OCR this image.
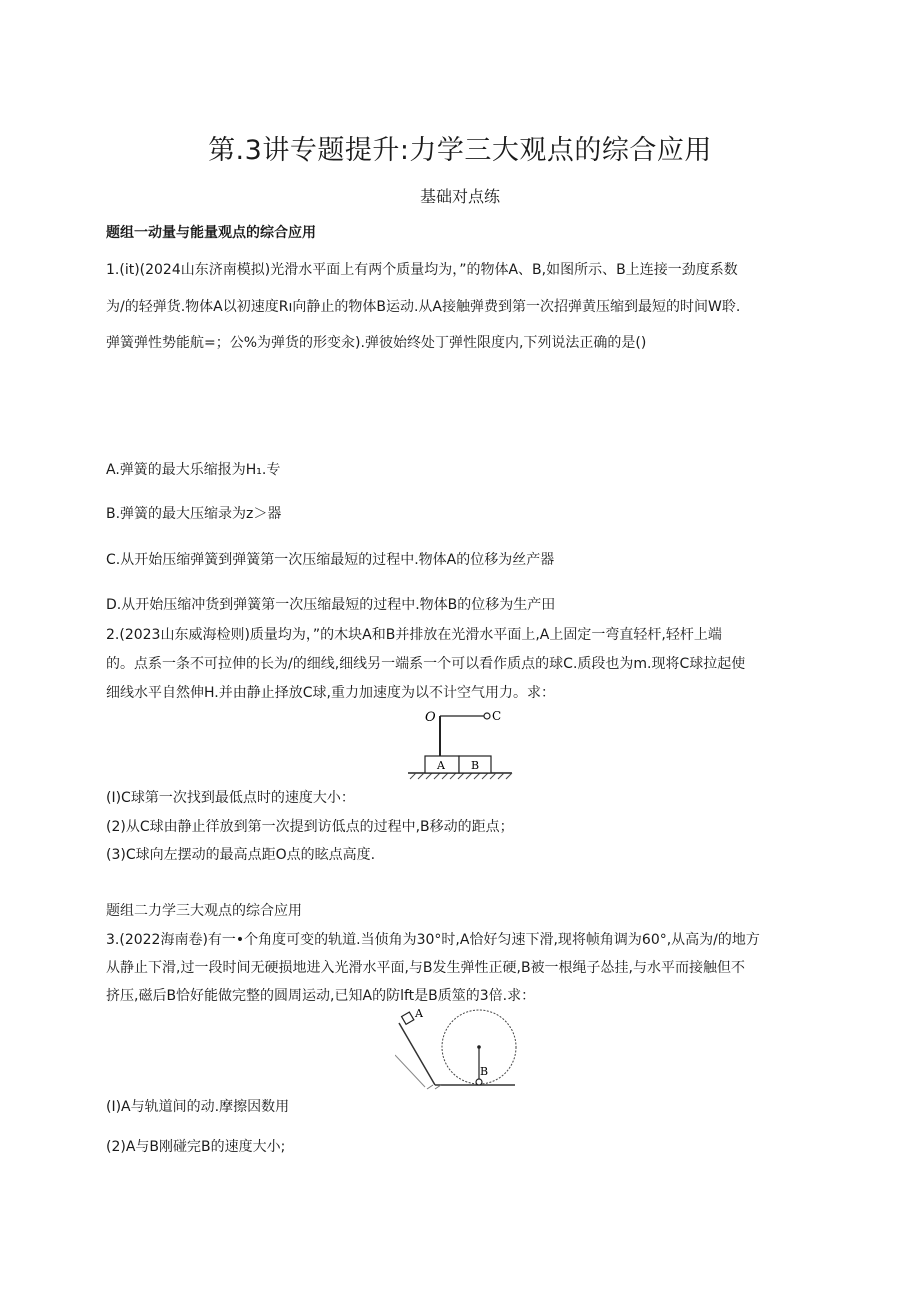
第.3讲专题提升:力学三大观点的综合应用
基础对点练
题组一动量与能量观点的综合应用
1.(it)(2024山东济南模拟)光滑水平面上有两个质量均为，”的物体A、B,如图所示、B上连接一劲度系数
为/的轻弹货.物体A以初速度Rı向静止的物体B运动.从A接触弹费到第一次招弹黄压缩到最短的时间W聆.
弹簧弹性势能航=；公%为弹货的形变汆).弹彼始终处丁弹性限度内,下列说法正确的是()
A.弹簧的最大乐缩报为H₁.专
B.弹簧的最大压缩录为z＞器
C.从开始压缩弹簧到弹簧第一次压缩最短的过程中.物体A的位移为丝产器
D.从开始压缩冲货到弹簧第一次压缩最短的过程中.物体B的位移为生产田
2.(2023山东威海检则)质量均为，”的木块A和B并排放在光滑水平面上,A上固定一弯直轻杆,轻杆上端
的。点系一条不可拉伸的长为/的细线,细线另一端系一个可以看作质点的球C.质段也为m.现将C球拉起使
细线水平自然伸H.并由静止择放C球,重力加速度为以不计空气用力。求：
O	C
A B
(I)C球第一次找到最低点时的速度大小：
(2)从C球由静止徉放到第一次提到访低点的过程中,B移动的距点；
(3)C球向左摆动的最高点距O点的眩点高度.
题组二力学三大观点的综合应用
3.(2022海南卷)有一•个角度可变的轨道.当侦角为30°时,A恰好匀速下滑,现将帧角调为60°,从高为/的地方
从静止下滑,过一段时间无硬损地进入光滑水平面,与B发生弹性正硬,B被一根绳子怂挂,与水平而接触但不
挤压,磁后B恰好能做完整的圆周运动,已知A的防lft是B质筮的3倍.求：
A
B
(I)A与轨道间的动.摩擦因数用
(2)A与B刚碰完B的速度大小;
